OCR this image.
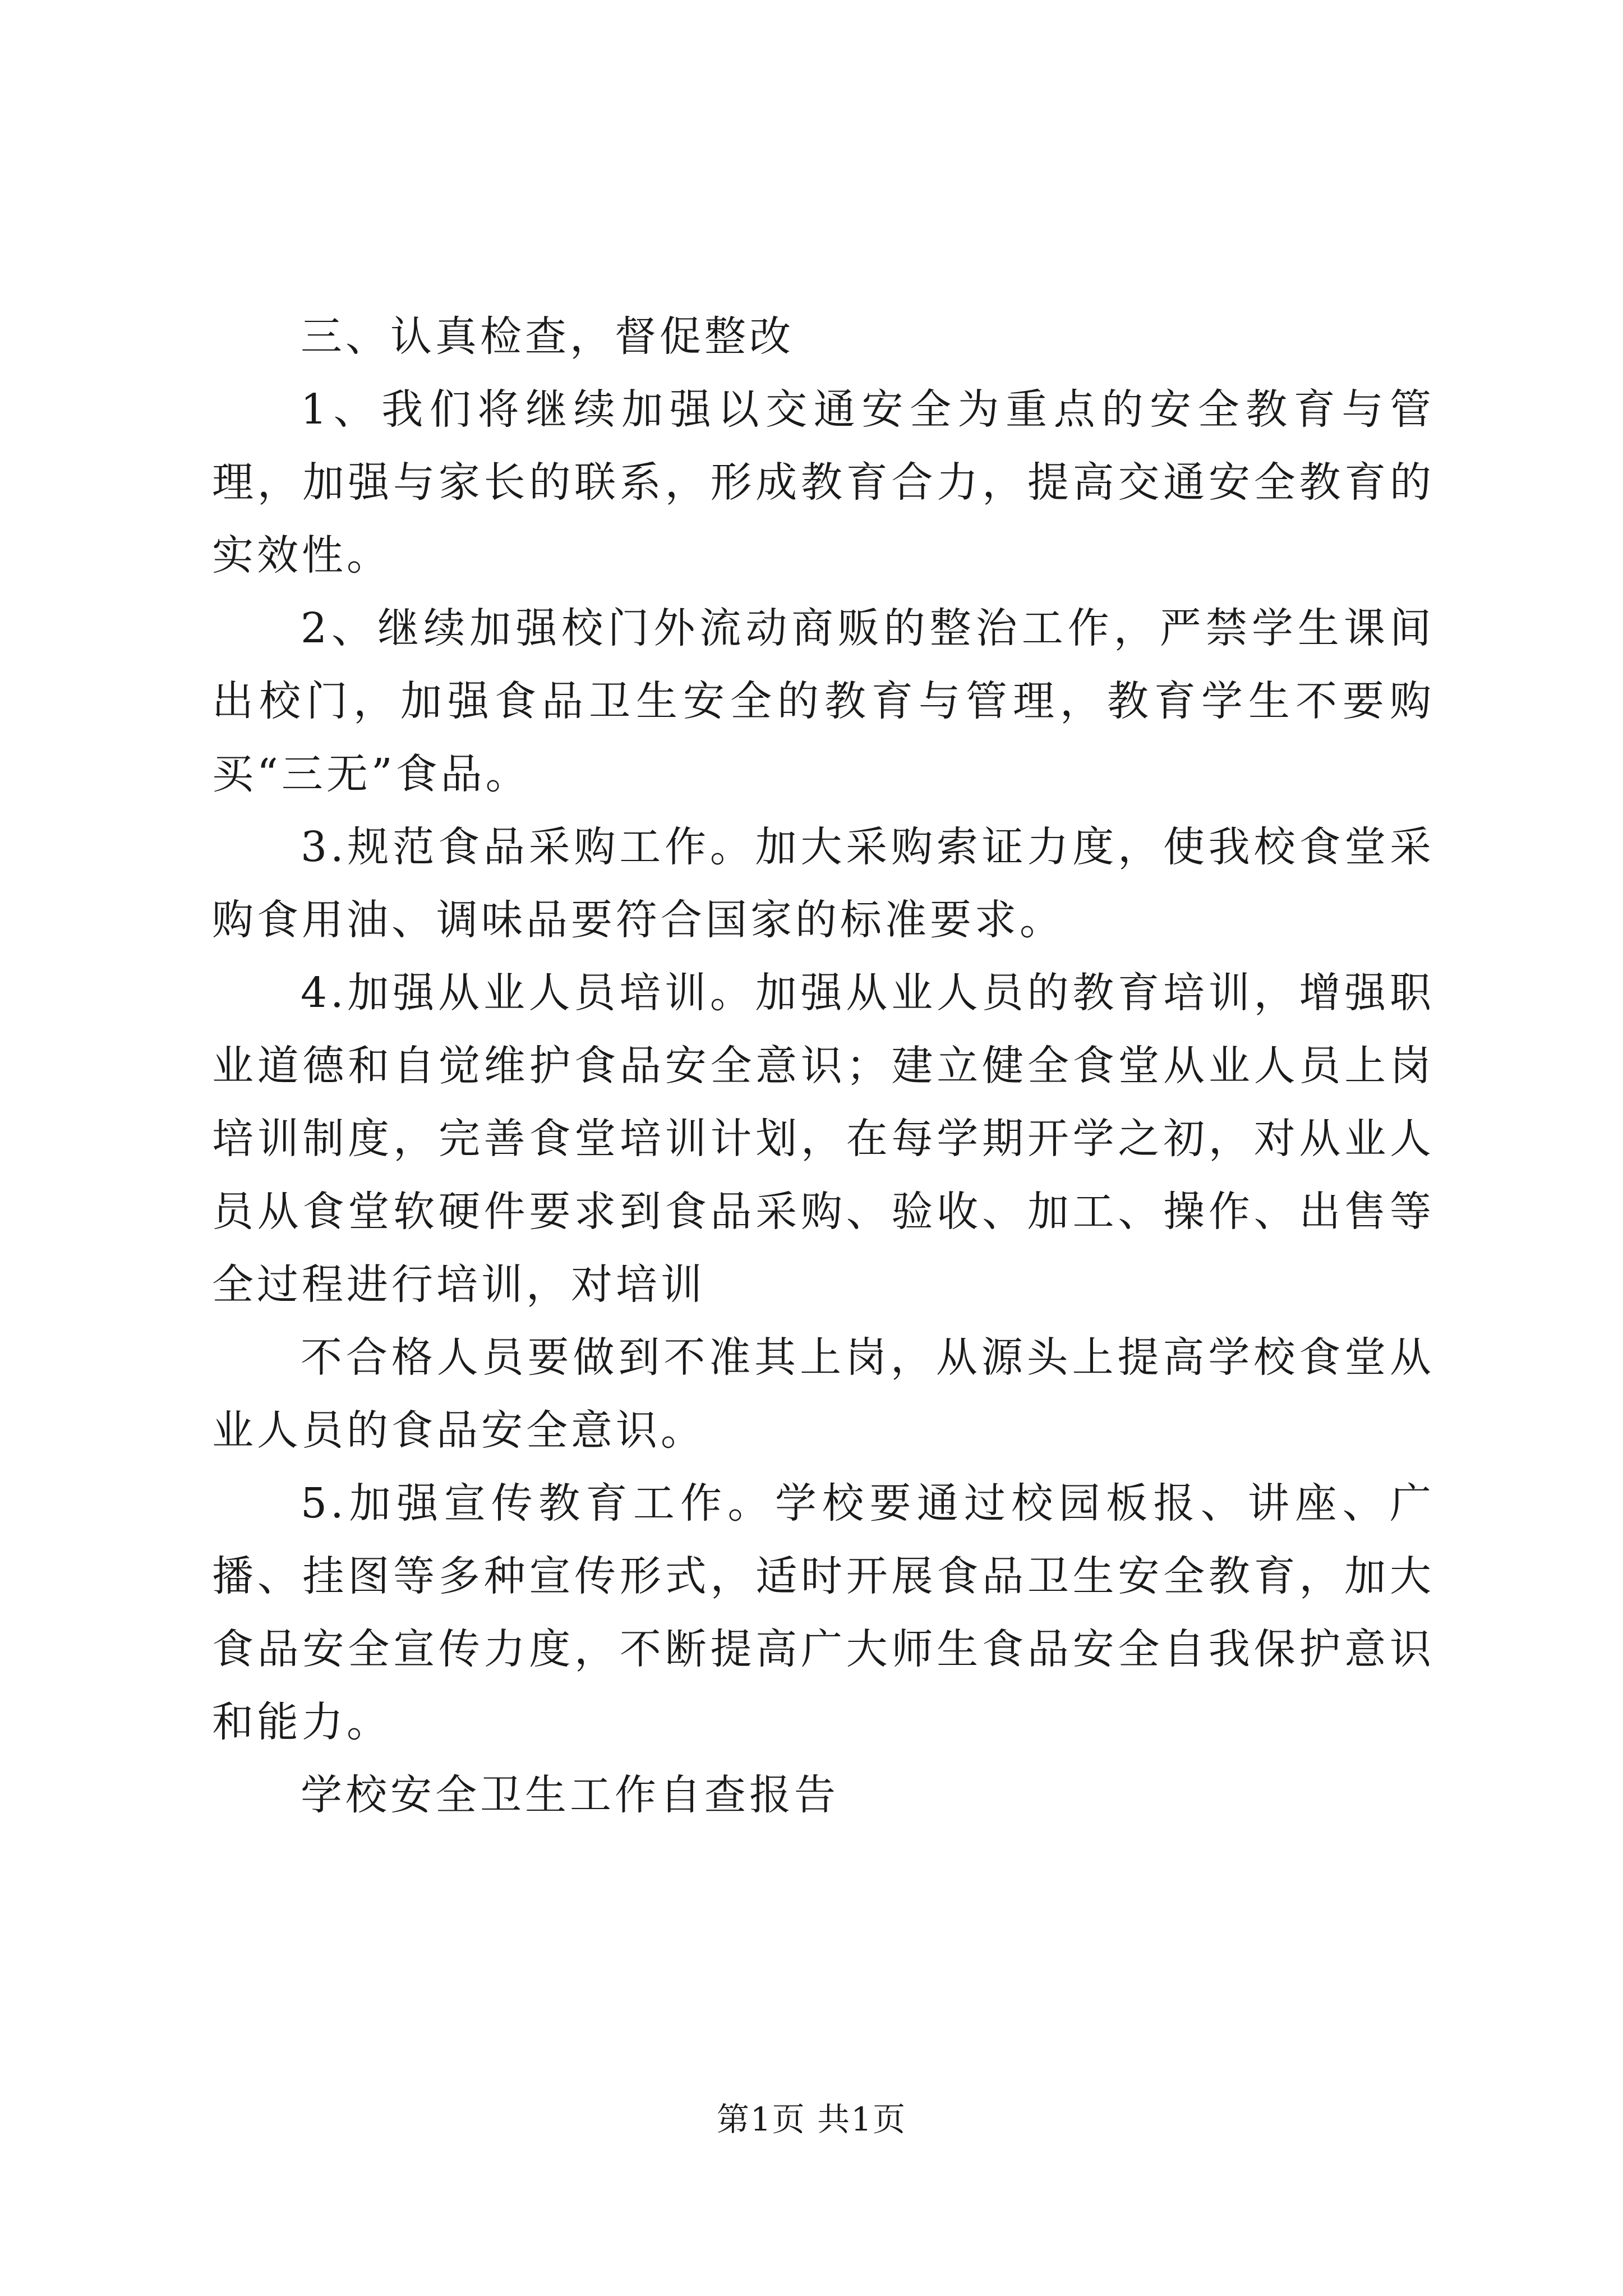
三、认真检查，督促整改

1、我们将继续加强以交通安全为重点的安全教育与管理，加强与家长的联系，形成教育合力，提高交通安全教育的实效性。

2、继续加强校门外流动商贩的整治工作，严禁学生课间出校门，加强食品卫生安全的教育与管理，教育学生不要购买“三无”食品。

3.规范食品采购工作。加大采购索证力度，使我校食堂采购食用油、调味品要符合国家的标准要求。

4.加强从业人员培训。加强从业人员的教育培训，增强职业道德和自觉维护食品安全意识；建立健全食堂从业人员上岗培训制度，完善食堂培训计划，在每学期开学之初，对从业人员从食堂软硬件要求到食品采购、验收、加工、操作、出售等全过程进行培训，对培训

不合格人员要做到不准其上岗，从源头上提高学校食堂从业人员的食品安全意识。

5.加强宣传教育工作。学校要通过校园板报、讲座、广播、挂图等多种宣传形式，适时开展食品卫生安全教育，加大食品安全宣传力度，不断提高广大师生食品安全自我保护意识和能力。

学校安全卫生工作自查报告

第1页 共1页
